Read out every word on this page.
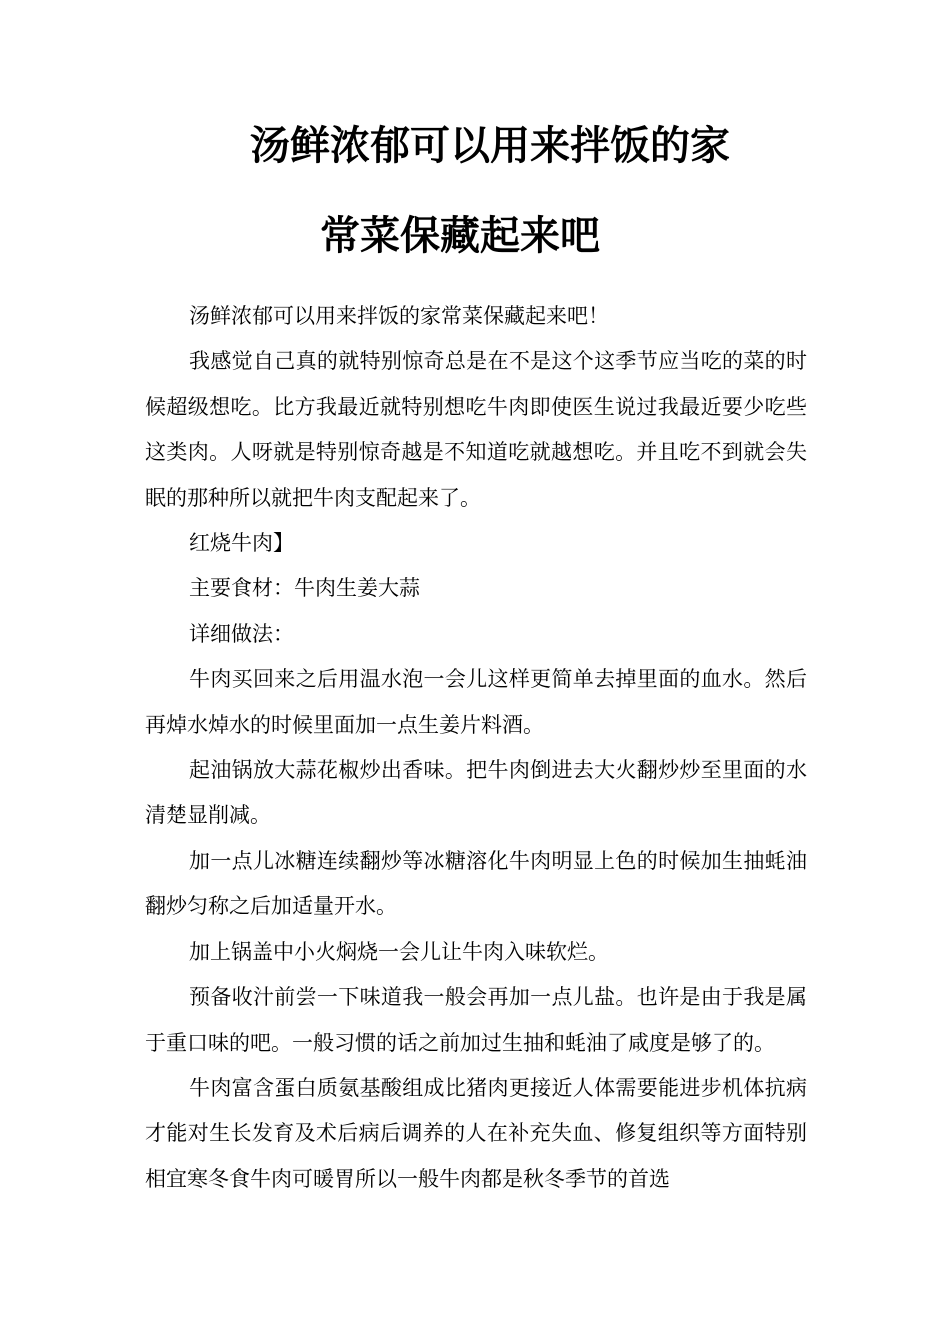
汤鲜浓郁可以用来拌饭的家
常菜保藏起来吧

汤鲜浓郁可以用来拌饭的家常菜保藏起来吧！

我感觉自己真的就特别惊奇总是在不是这个这季节应当吃的菜的时候超级想吃。比方我最近就特别想吃牛肉即使医生说过我最近要少吃些这类肉。人呀就是特别惊奇越是不知道吃就越想吃。并且吃不到就会失眠的那种所以就把牛肉支配起来了。

红烧牛肉】

主要食材：牛肉生姜大蒜

详细做法：

牛肉买回来之后用温水泡一会儿这样更简单去掉里面的血水。然后再焯水焯水的时候里面加一点生姜片料酒。

起油锅放大蒜花椒炒出香味。把牛肉倒进去大火翻炒炒至里面的水清楚显削减。

加一点儿冰糖连续翻炒等冰糖溶化牛肉明显上色的时候加生抽蚝油翻炒匀称之后加适量开水。

加上锅盖中小火焖烧一会儿让牛肉入味软烂。

预备收汁前尝一下味道我一般会再加一点儿盐。也许是由于我是属于重口味的吧。一般习惯的话之前加过生抽和蚝油了咸度是够了的。

牛肉富含蛋白质氨基酸组成比猪肉更接近人体需要能进步机体抗病才能对生长发育及术后病后调养的人在补充失血、修复组织等方面特别相宜寒冬食牛肉可暖胃所以一般牛肉都是秋冬季节的首选
